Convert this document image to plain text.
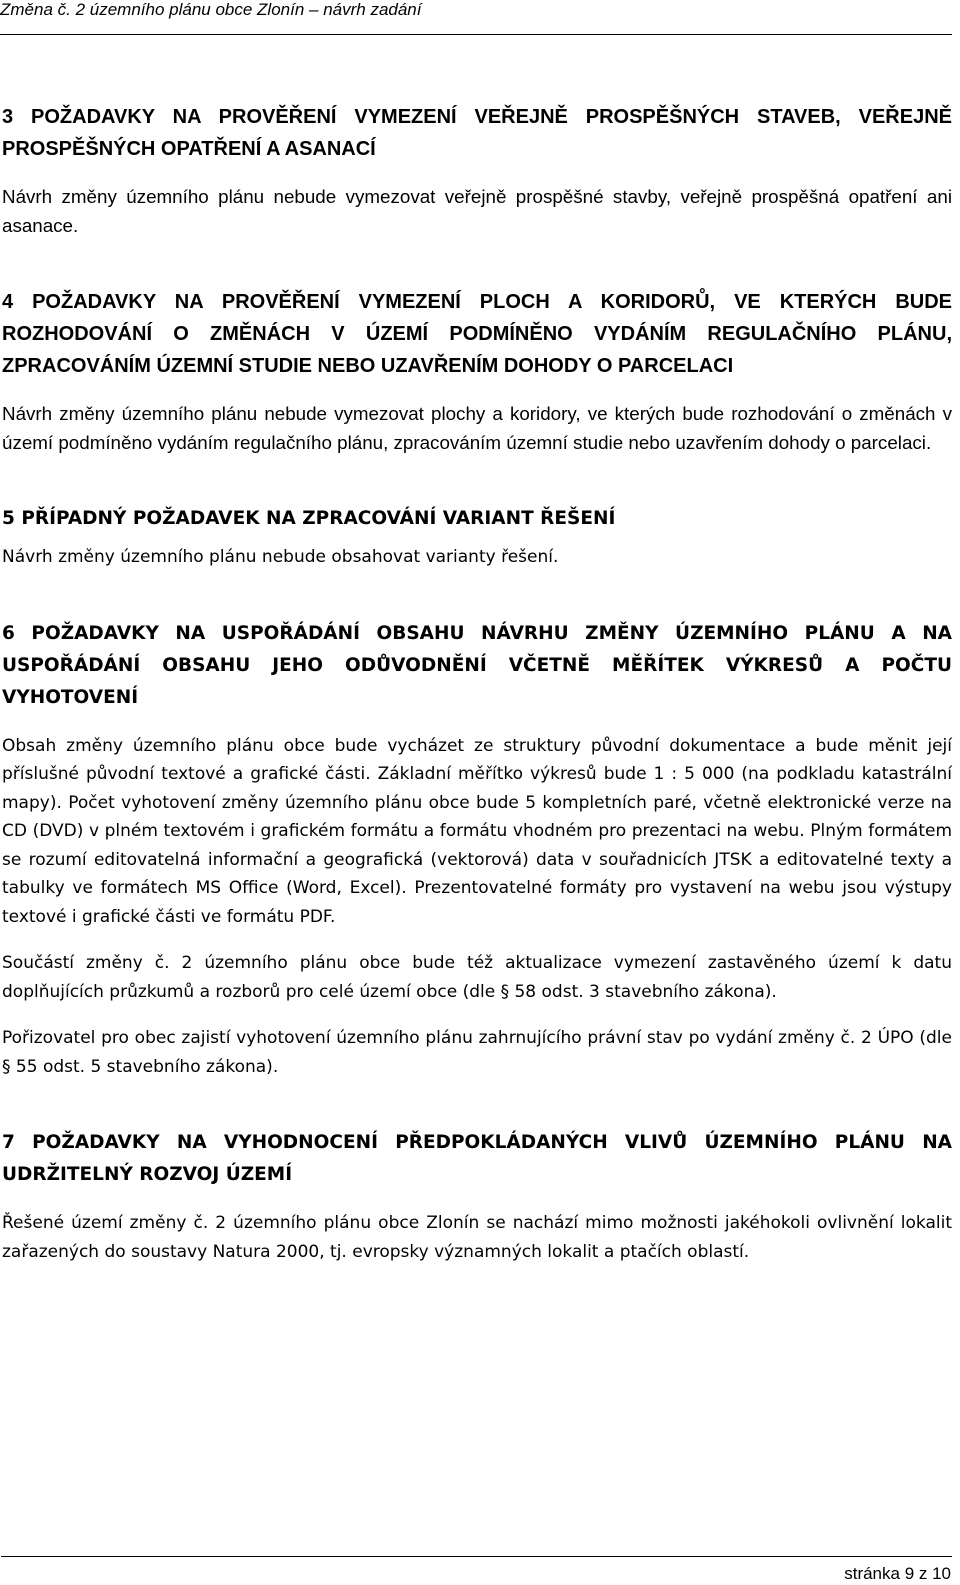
Změna č. 2 územního plánu obce Zlonín – návrh zadání
3 POŽADAVKY NA PROVĚŘENÍ VYMEZENÍ VEŘEJNĚ PROSPĚŠNÝCH STAVEB, VEŘEJNĚ PROSPĚŠNÝCH OPATŘENÍ A ASANACÍ

Návrh změny územního plánu nebude vymezovat veřejně prospěšné stavby, veřejně prospěšná opatření ani asanace.

4 POŽADAVKY NA PROVĚŘENÍ VYMEZENÍ PLOCH A KORIDORŮ, VE KTERÝCH BUDE ROZHODOVÁNÍ O ZMĚNÁCH V ÚZEMÍ PODMÍNĚNO VYDÁNÍM REGULAČNÍHO PLÁNU, ZPRACOVÁNÍM ÚZEMNÍ STUDIE NEBO UZAVŘENÍM DOHODY O PARCELACI

Návrh změny územního plánu nebude vymezovat plochy a koridory, ve kterých bude rozhodování o změnách v území podmíněno vydáním regulačního plánu, zpracováním územní studie nebo uzavřením dohody o parcelaci.

5 PŘÍPADNÝ POŽADAVEK NA ZPRACOVÁNÍ VARIANT ŘEŠENÍ

Návrh změny územního plánu nebude obsahovat varianty řešení.

6 POŽADAVKY NA USPOŘÁDÁNÍ OBSAHU NÁVRHU ZMĚNY ÚZEMNÍHO PLÁNU A NA USPOŘÁDÁNÍ OBSAHU JEHO ODŮVODNĚNÍ VČETNĚ MĚŘÍTEK VÝKRESŮ A POČTU VYHOTOVENÍ

Obsah změny územního plánu obce bude vycházet ze struktury původní dokumentace a bude měnit její příslušné původní textové a grafické části. Základní měřítko výkresů bude 1 : 5 000 (na podkladu katastrální mapy). Počet vyhotovení změny územního plánu obce bude 5 kompletních paré, včetně elektronické verze na CD (DVD) v plném textovém i grafickém formátu a formátu vhodném pro prezentaci na webu. Plným formátem se rozumí editovatelná informační a geografická (vektorová) data v souřadnicích JTSK a editovatelné texty a tabulky ve formátech MS Office (Word, Excel). Prezentovatelné formáty pro vystavení na webu jsou výstupy textové i grafické části ve formátu PDF.

Součástí změny č. 2 územního plánu obce bude též aktualizace vymezení zastavěného území k datu doplňujících průzkumů a rozborů pro celé území obce (dle § 58 odst. 3 stavebního zákona).

Pořizovatel pro obec zajistí vyhotovení územního plánu zahrnujícího právní stav po vydání změny č. 2 ÚPO (dle § 55 odst. 5 stavebního zákona).

7 POŽADAVKY NA VYHODNOCENÍ PŘEDPOKLÁDANÝCH VLIVŮ ÚZEMNÍHO PLÁNU NA UDRŽITELNÝ ROZVOJ ÚZEMÍ

Řešené území změny č. 2 územního plánu obce Zlonín se nachází mimo možnosti jakéhokoli ovlivnění lokalit zařazených do soustavy Natura 2000, tj. evropsky významných lokalit a ptačích oblastí.

stránka 9 z 10
